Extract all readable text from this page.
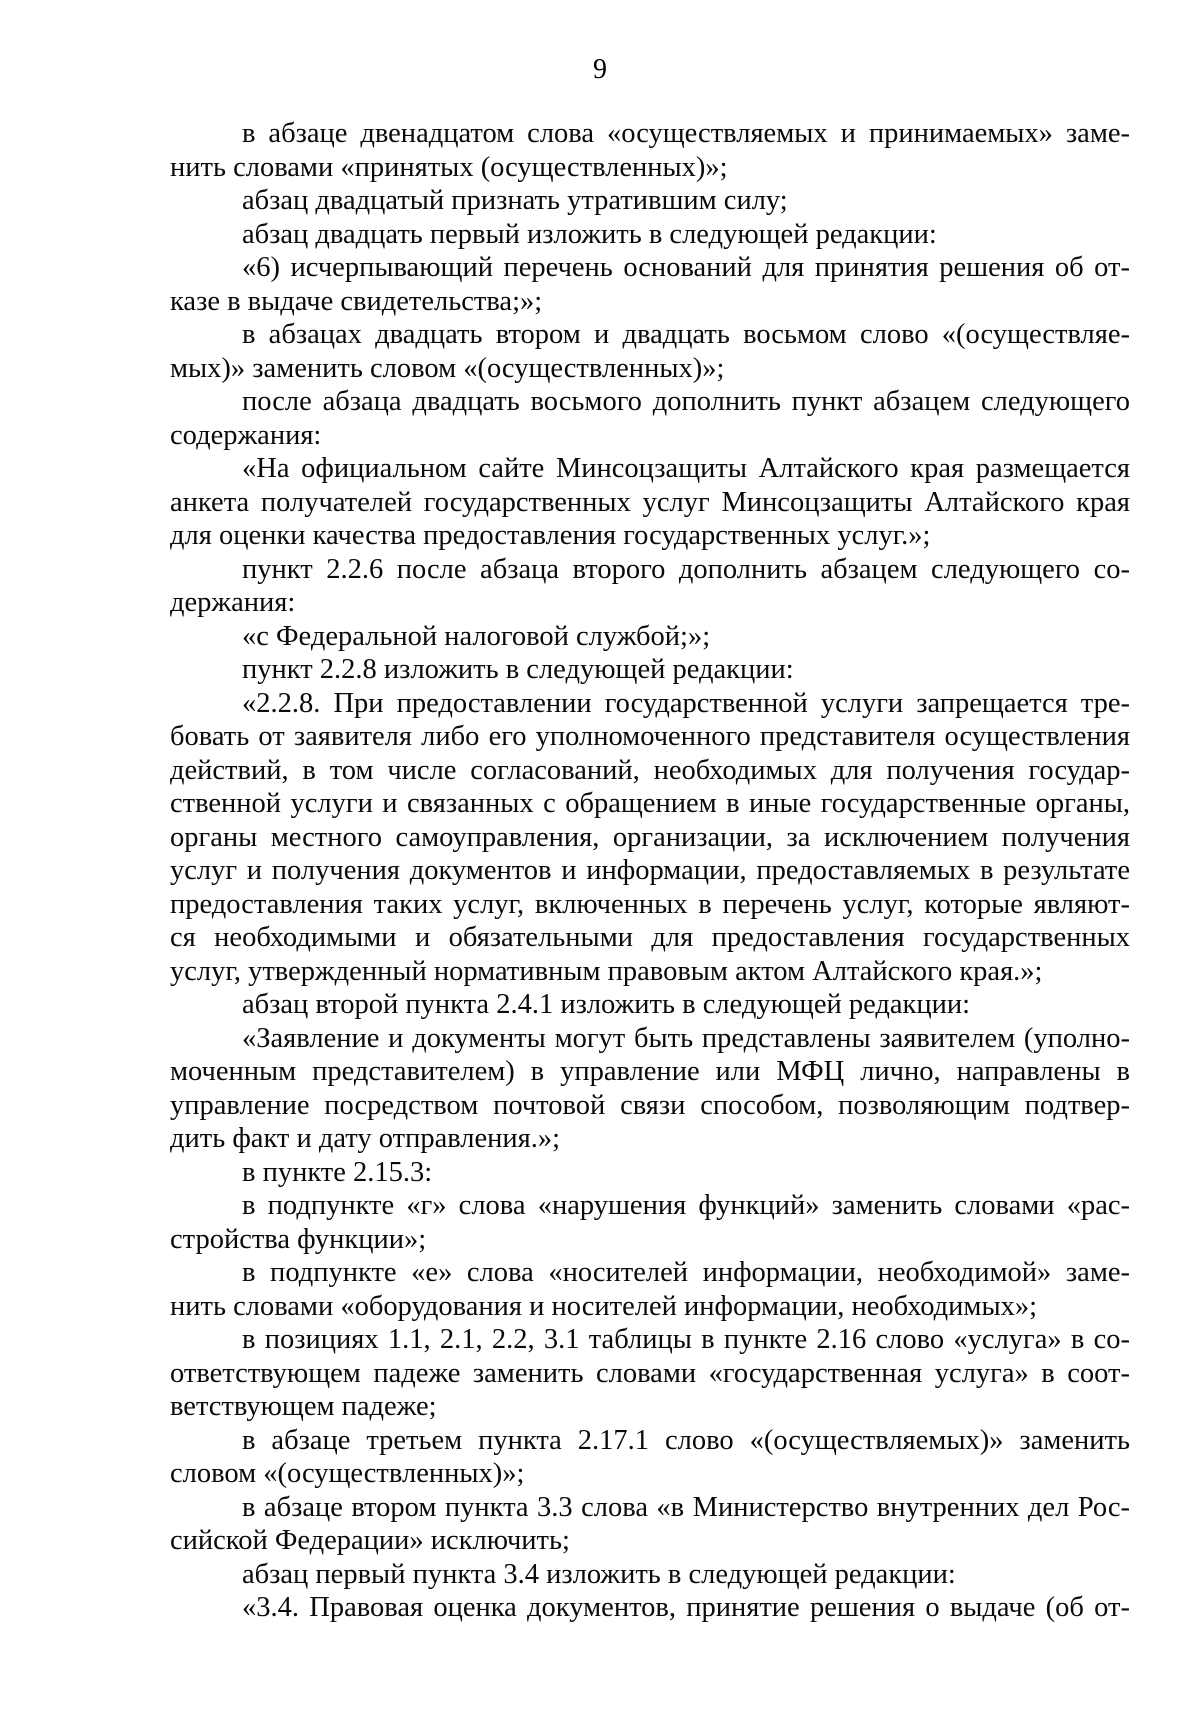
9
в абзаце двенадцатом слова «осуществляемых и принимаемых» заме-
нить словами «принятых (осуществленных)»;
абзац двадцатый признать утратившим силу;
абзац двадцать первый изложить в следующей редакции:
«6) исчерпывающий перечень оснований для принятия решения об от-
казе в выдаче свидетельства;»;
в абзацах двадцать втором и двадцать восьмом слово «(осуществляе-
мых)» заменить словом «(осуществленных)»;
после абзаца двадцать восьмого дополнить пункт абзацем следующего
содержания:
«На официальном сайте Минсоцзащиты Алтайского края размещается
анкета получателей государственных услуг Минсоцзащиты Алтайского края
для оценки качества предоставления государственных услуг.»;
пункт 2.2.6 после абзаца второго дополнить абзацем следующего со-
держания:
«с Федеральной налоговой службой;»;
пункт 2.2.8 изложить в следующей редакции:
«2.2.8. При предоставлении государственной услуги запрещается тре-
бовать от заявителя либо его уполномоченного представителя осуществления
действий, в том числе согласований, необходимых для получения государ-
ственной услуги и связанных с обращением в иные государственные органы,
органы местного самоуправления, организации, за исключением получения
услуг и получения документов и информации, предоставляемых в результате
предоставления таких услуг, включенных в перечень услуг, которые являют-
ся необходимыми и обязательными для предоставления государственных
услуг, утвержденный нормативным правовым актом Алтайского края.»;
абзац второй пункта 2.4.1 изложить в следующей редакции:
«Заявление и документы могут быть представлены заявителем (уполно-
моченным представителем) в управление или МФЦ лично, направлены в
управление посредством почтовой связи способом, позволяющим подтвер-
дить факт и дату отправления.»;
в пункте 2.15.3:
в подпункте «г» слова «нарушения функций» заменить словами «рас-
стройства функции»;
в подпункте «е» слова «носителей информации, необходимой» заме-
нить словами «оборудования и носителей информации, необходимых»;
в позициях 1.1, 2.1, 2.2, 3.1 таблицы в пункте 2.16 слово «услуга» в со-
ответствующем падеже заменить словами «государственная услуга» в соот-
ветствующем падеже;
в абзаце третьем пункта 2.17.1 слово «(осуществляемых)» заменить
словом «(осуществленных)»;
в абзаце втором пункта 3.3 слова «в Министерство внутренних дел Рос-
сийской Федерации» исключить;
абзац первый пункта 3.4 изложить в следующей редакции:
«3.4. Правовая оценка документов, принятие решения о выдаче (об от-
